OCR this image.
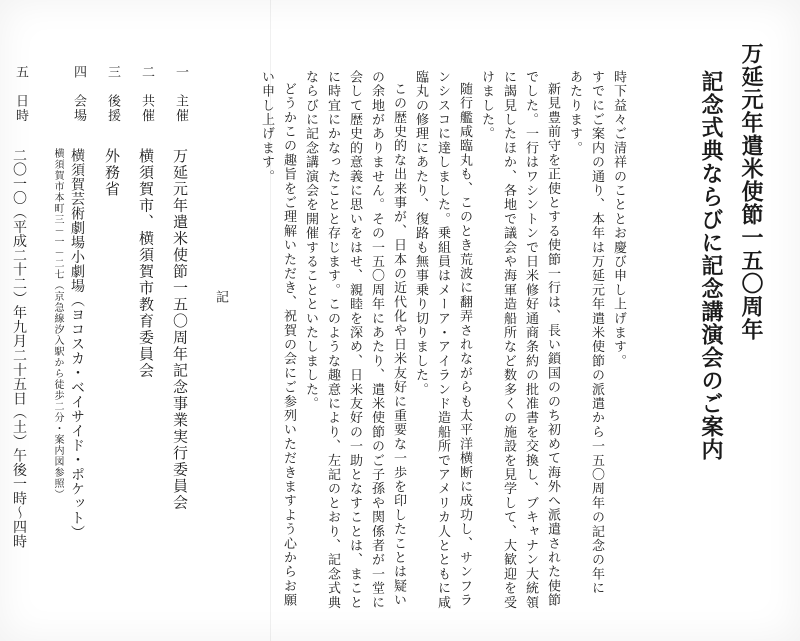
万延元年遣米使節一五〇周年
記念式典ならびに記念講演会のご案内
時下益々ご清祥のこととお慶び申し上げます。
すでにご案内の通り、本年は万延元年遣米使節の派遣から一五〇周年の記念の年に
あたります。
新見豊前守を正使とする使節一行は、長い鎖国ののち初めて海外へ派遣された使節
でした。一行はワシントンで日米修好通商条約の批准書を交換し、ブキャナン大統領
に謁見したほか、各地で議会や海軍造船所など数多くの施設を見学して、大歓迎を受
けました。
随行艦咸臨丸も、このとき荒波に翻弄されながらも太平洋横断に成功し、サンフラ
ンシスコに達しました。乗組員はメーア・アイランド造船所でアメリカ人とともに咸
臨丸の修理にあたり、復路も無事乗り切りました。
この歴史的な出来事が、日本の近代化や日米友好に重要な一歩を印したことは疑い
の余地がありません。その一五〇周年にあたり、遣米使節のご子孫や関係者が一堂に
会して歴史的意義に思いをはせ、親睦を深め、日米友好の一助となすことは、まこと
に時宜にかなったことと存じます。このような趣意により、左記のとおり、記念式典
ならびに記念講演会を開催することといたしました。
どうかこの趣旨をご理解いただき、祝賀の会にご参列いただきますよう心からお願
い申し上げます。
記
一　主催
二　共催
三　後援
四　会場
五　日時
万延元年遣米使節一五〇周年記念事業実行委員会
横須賀市、横須賀市教育委員会
外務省
横須賀芸術劇場小劇場（ヨコスカ・ベイサイド・ポケット）
横須賀市本町三－一－二七（京急線汐入駅から徒歩二分・案内図参照）
二〇一〇（平成二十二）年九月二十五日（土）午後一時～四時
